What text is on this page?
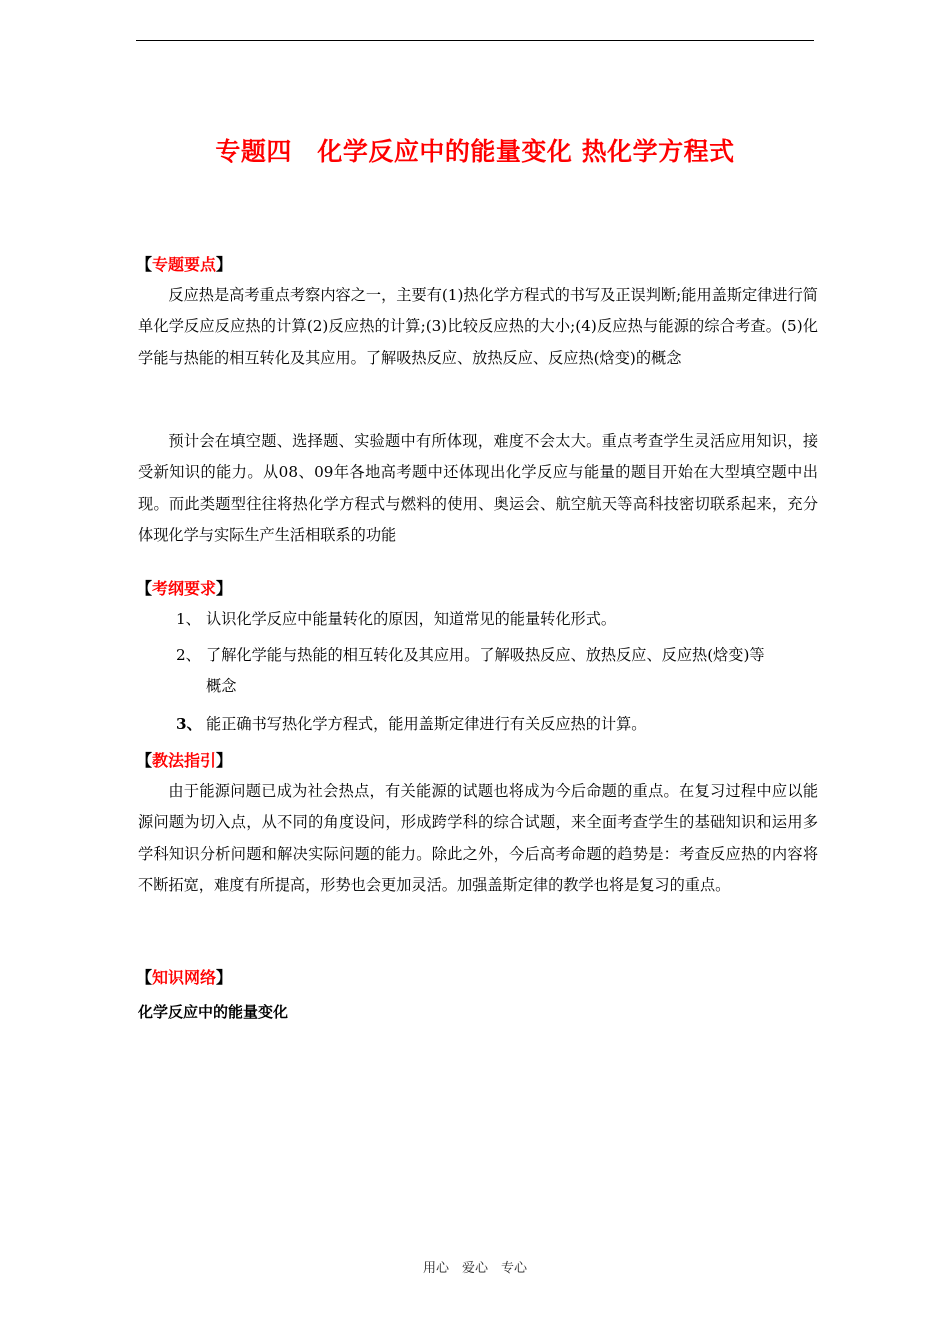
专题四　化学反应中的能量变化 热化学方程式
【专题要点】

反应热是高考重点考察内容之一，主要有(1)热化学方程式的书写及正误判断;能用盖斯定律进行简单化学反应反应热的计算(2)反应热的计算;(3)比较反应热的大小;(4)反应热与能源的综合考查。(5)化学能与热能的相互转化及其应用。了解吸热反应、放热反应、反应热(焓变)的概念

预计会在填空题、选择题、实验题中有所体现，难度不会太大。重点考查学生灵活应用知识，接受新知识的能力。从08、09年各地高考题中还体现出化学反应与能量的题目开始在大型填空题中出现。而此类题型往往将热化学方程式与燃料的使用、奥运会、航空航天等高科技密切联系起来，充分体现化学与实际生产生活相联系的功能

【考纲要求】
1、 认识化学反应中能量转化的原因，知道常见的能量转化形式。
2、 了解化学能与热能的相互转化及其应用。了解吸热反应、放热反应、反应热(焓变)等
概念
3、 能正确书写热化学方程式，能用盖斯定律进行有关反应热的计算。
【教法指引】

由于能源问题已成为社会热点，有关能源的试题也将成为今后命题的重点。在复习过程中应以能源问题为切入点，从不同的角度设问，形成跨学科的综合试题，来全面考查学生的基础知识和运用多学科知识分析问题和解决实际问题的能力。除此之外，今后高考命题的趋势是：考查反应热的内容将不断拓宽，难度有所提高，形势也会更加灵活。加强盖斯定律的教学也将是复习的重点。

【知识网络】
化学反应中的能量变化
用心　爱心　专心
